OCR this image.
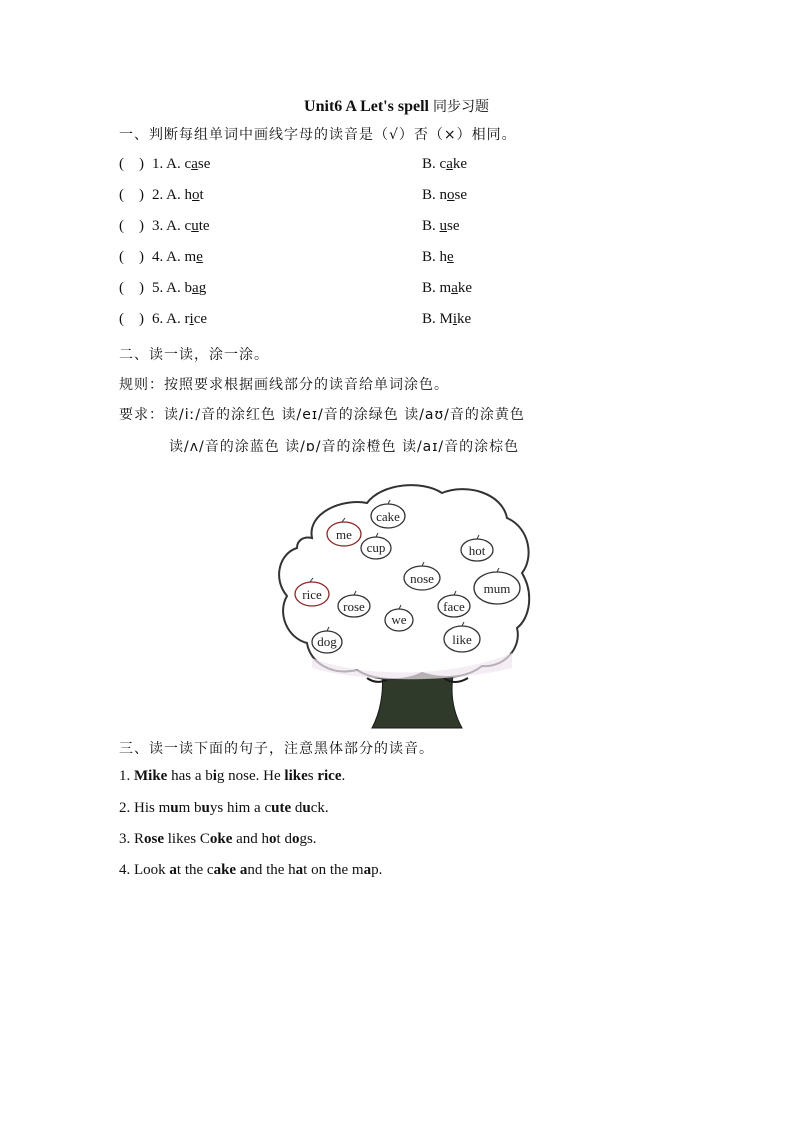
Unit6 A Let's spell 同步习题
一、判断每组单词中画线字母的读音是（√）否（×）相同。
(    ) 1. A. case	B. cake
(    ) 2. A. hot	B. nose
(    ) 3. A. cute	B. use
(    ) 4. A. me	B. he
(    ) 5. A. bag	B. make
(    ) 6. A. rice	B. Mike
二、读一读，涂一涂。
规则：按照要求根据画线部分的读音给单词涂色。
要求：读/iː/音的涂红色 读/eɪ/音的涂绿色 读/aʊ/音的涂黄色
读/ʌ/音的涂蓝色 读/ɒ/音的涂橙色 读/aɪ/音的涂棕色
me
cake
cup	hot
nose
mum
rice
rose	face
we
like
dog
三、读一读下面的句子，注意黑体部分的读音。
1. Mike has a big nose. He likes rice.
2. His mum buys him a cute duck.
3. Rose likes Coke and hot dogs.
4. Look at the cake and the hat on the map.
